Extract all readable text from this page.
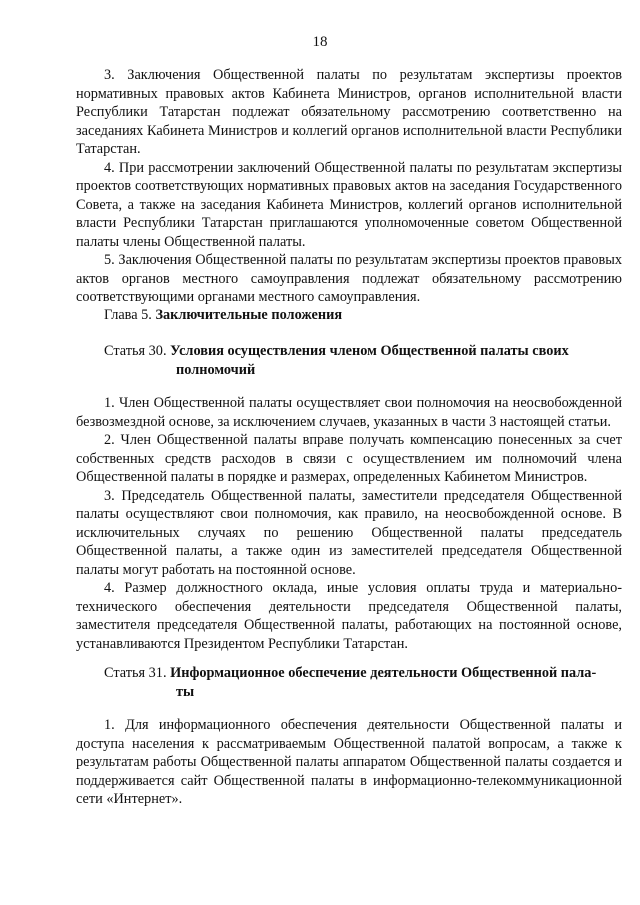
18

3. Заключения Общественной палаты по результатам экспертизы проектов нормативных правовых актов Кабинета Министров, органов исполнительной власти Республики Татарстан подлежат обязательному рассмотрению соответственно на заседаниях Кабинета Министров и коллегий органов исполнительной власти Республики Татарстан.

4. При рассмотрении заключений Общественной палаты по результатам экспертизы проектов соответствующих нормативных правовых актов на заседания Государственного Совета, а также на заседания Кабинета Министров, коллегий органов исполнительной власти Республики Татарстан приглашаются уполномоченные советом Общественной палаты члены Общественной палаты.

5. Заключения Общественной палаты по результатам экспертизы проектов правовых актов органов местного самоуправления подлежат обязательному рассмотрению соответствующими органами местного самоуправления.

Глава 5. Заключительные положения
Статья 30. Условия осуществления членом Общественной палаты своих
полномочий

1. Член Общественной палаты осуществляет свои полномочия на неосвобожденной безвозмездной основе, за исключением случаев, указанных в части 3 настоящей статьи.

2. Член Общественной палаты вправе получать компенсацию понесенных за счет собственных средств расходов в связи с осуществлением им полномочий члена Общественной палаты в порядке и размерах, определенных Кабинетом Министров.

3. Председатель Общественной палаты, заместители председателя Общественной палаты осуществляют свои полномочия, как правило, на неосвобожденной основе. В исключительных случаях по решению Общественной палаты председатель Общественной палаты, а также один из заместителей председателя Общественной палаты могут работать на постоянной основе.

4. Размер должностного оклада, иные условия оплаты труда и материально-технического обеспечения деятельности председателя Общественной палаты, заместителя председателя Общественной палаты, работающих на постоянной основе, устанавливаются Президентом Республики Татарстан.

Статья 31. Информационное обеспечение деятельности Общественной пала-
ты

1. Для информационного обеспечения деятельности Общественной палаты и доступа населения к рассматриваемым Общественной палатой вопросам, а также к результатам работы Общественной палаты аппаратом Общественной палаты создается и поддерживается сайт Общественной палаты в информационно-телекоммуникационной сети «Интернет».
